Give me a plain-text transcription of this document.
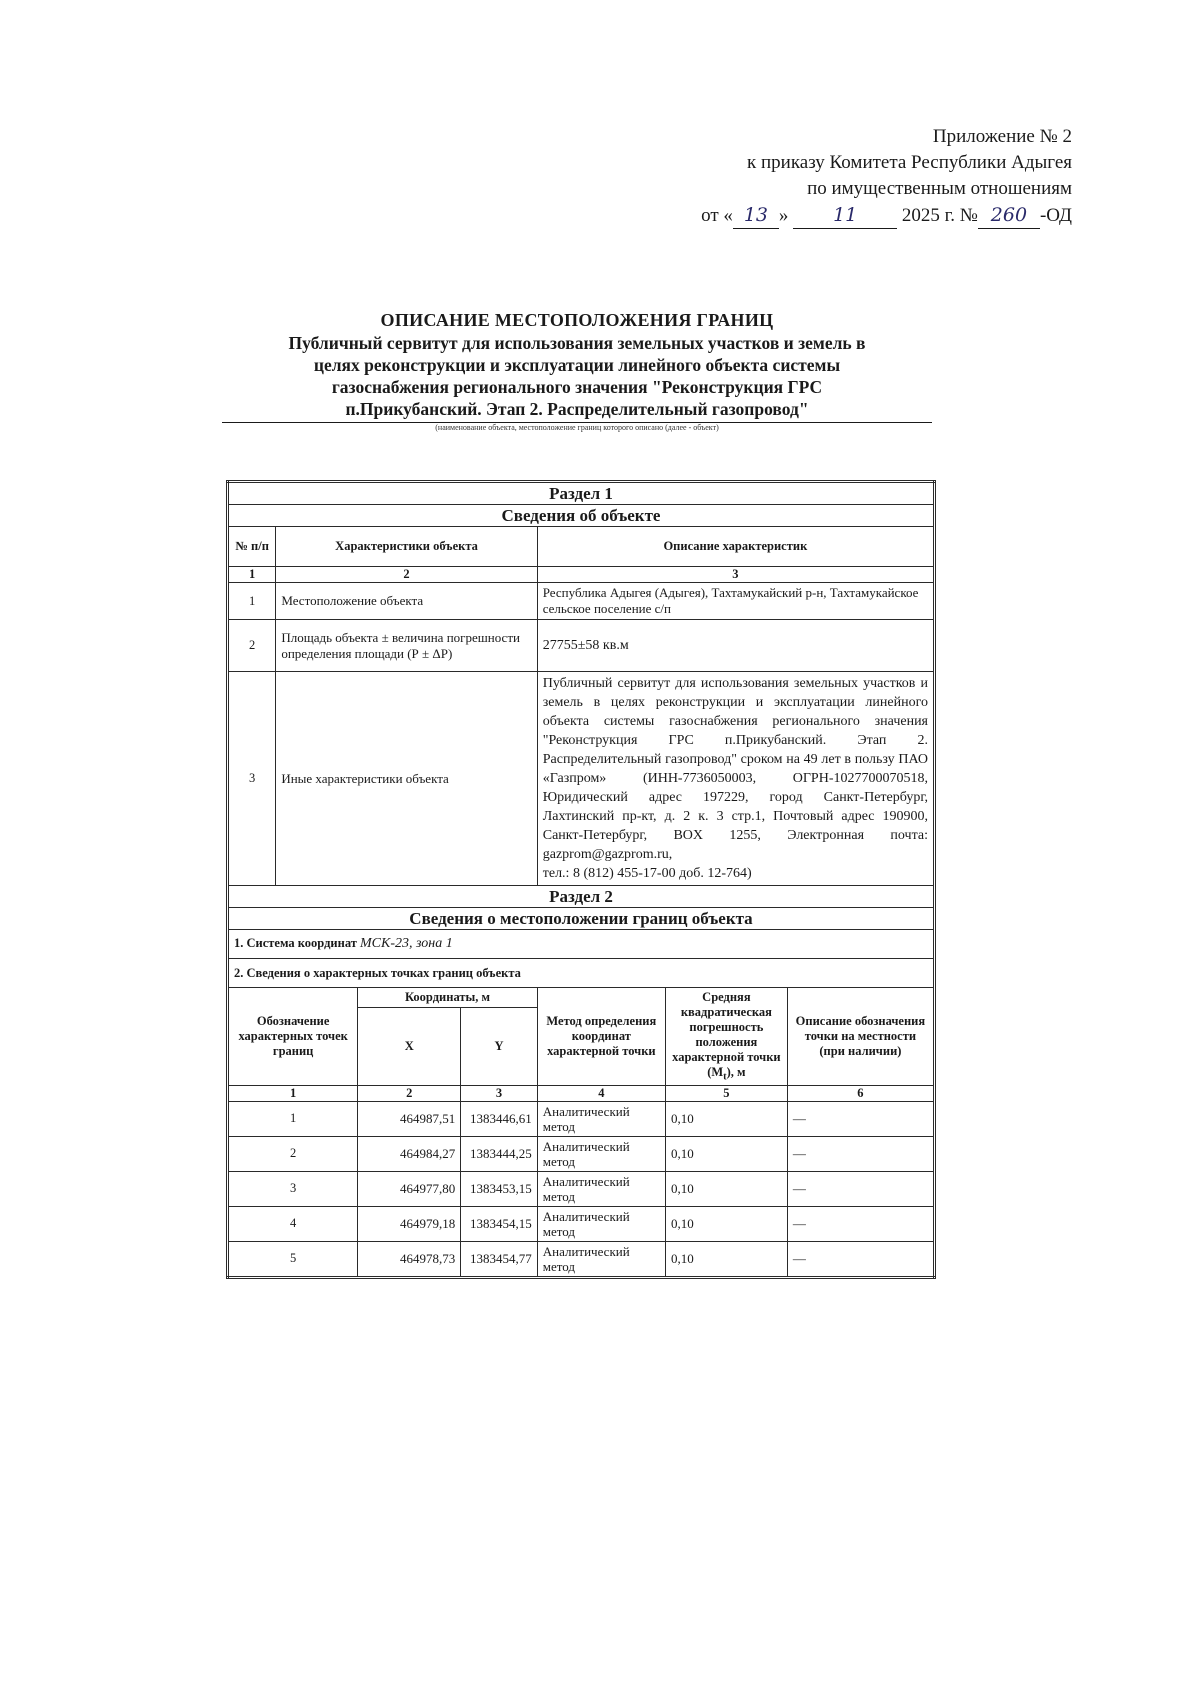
Приложение № 2
к приказу Комитета Республики Адыгея
по имущественным отношениям
от « 13 » 11 2025 г. № 260 -ОД
ОПИСАНИЕ МЕСТОПОЛОЖЕНИЯ ГРАНИЦ
Публичный сервитут для использования земельных участков и земель в
целях реконструкции и эксплуатации линейного объекта системы
газоснабжения регионального значения "Реконструкция ГРС
п.Прикубанский. Этап 2. Распределительный газопровод"
(наименование объекта, местоположение границ которого описано (далее - объект)
Раздел 1						
Сведения об объекте						
№ п/п	Характеристики объекта			Описание характеристик		
1	2			3		
1	Местоположение объекта			Республика Адыгея (Адыгея), Тахтамукайский р-н, Тахтамукайское сельское поселение с/п		
2	Площадь объекта ± величина погрешности определения площади (Р ± ΔР)			27755±58 кв.м		
3	Иные характеристики объекта			Публичный сервитут для использования земельных участков и земель в целях реконструкции и эксплуатации линейного объекта системы газоснабжения регионального значения "Реконструкция ГРС п.Прикубанский. Этап 2. Распределительный газопровод" сроком на 49 лет в пользу ПАО «Газпром» (ИНН-7736050003, ОГРН-1027700070518, Юридический адрес 197229, город Санкт-Петербург, Лахтинский пр-кт, д. 2 к. 3 стр.1, Почтовый адрес 190900, Санкт-Петербург, BOX 1255, Электронная почта: gazprom@gazprom.ru,
тел.: 8 (812) 455-17-00 доб. 12-764)		

Раздел 2						
Сведения о местоположении границ объекта						
1. Система координат МСК-23, зона 1						
2. Сведения о характерных точках границ объекта						
Обозначение характерных точек границ		Координаты, м		Метод определения координат характерной точки	Средняя квадратическая погрешность положения характерной точки $(М_t)$, м	Описание обозначения точки на местности (при наличии)
		X	Y			
1		2	3	4	5	6
1		464987,51	1383446,61	Аналитический метод	0,10	—
2		464984,27	1383444,25	Аналитический метод	0,10	—
3		464977,80	1383453,15	Аналитический метод	0,10	—
4		464979,18	1383454,15	Аналитический метод	0,10	—
5		464978,73	1383454,77	Аналитический метод	0,10	—
